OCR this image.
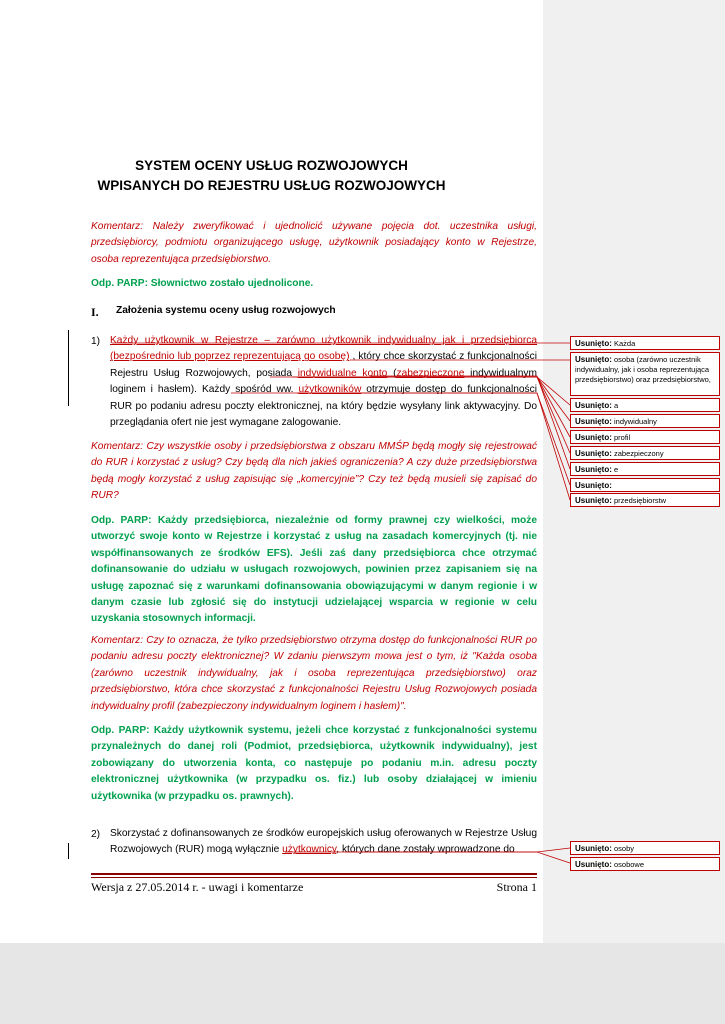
SYSTEM OCENY USŁUG ROZWOJOWYCH
WPISANYCH DO REJESTRU USŁUG ROZWOJOWYCH

Komentarz: Należy zweryfikować i ujednolicić używane pojęcia dot. uczestnika usługi, przedsiębiorcy, podmiotu organizującego usługę, użytkownik posiadający konto w Rejestrze, osoba reprezentująca przedsiębiorstwo.

Odp. PARP: Słownictwo zostało ujednolicone.

I. Założenia systemu oceny usług rozwojowych
1) Każdy użytkownik w Rejestrze – zarówno użytkownik indywidualny jak i przedsiębiorca (bezpośrednio lub poprzez reprezentującą go osobę) , który chce skorzystać z funkcjonalności Rejestru Usług Rozwojowych, posiada indywidualne konto (zabezpieczone indywidualnym loginem i hasłem). Każdy spośród ww. użytkowników otrzymuje dostęp do funkcjonalności RUR po podaniu adresu poczty elektronicznej, na który będzie wysyłany link aktywacyjny. Do przeglądania ofert nie jest wymagane zalogowanie.

Komentarz: Czy wszystkie osoby i przedsiębiorstwa z obszaru MMŚP będą mogły się rejestrować do RUR i korzystać z usług? Czy będą dla nich jakieś ograniczenia? A czy duże przedsiębiorstwa będą mogły korzystać z usług zapisując się „komercyjnie”? Czy też będą musieli się zapisać do RUR?

Odp. PARP: Każdy przedsiębiorca, niezależnie od formy prawnej czy wielkości, może utworzyć swoje konto w Rejestrze i korzystać z usług na zasadach komercyjnych (tj. nie współfinansowanych ze środków EFS). Jeśli zaś dany przedsiębiorca chce otrzymać dofinansowanie do udziału w usługach rozwojowych, powinien przez zapisaniem się na usługę zapoznać się z warunkami dofinansowania obowiązującymi w danym regionie i w danym czasie lub zgłosić się do instytucji udzielającej wsparcia w regionie w celu uzyskania stosownych informacji.

Komentarz: Czy to oznacza, że tylko przedsiębiorstwo otrzyma dostęp do funkcjonalności RUR po podaniu adresu poczty elektronicznej? W zdaniu pierwszym mowa jest o tym, iż "Każda osoba (zarówno uczestnik indywidualny, jak i osoba reprezentująca przedsiębiorstwo) oraz przedsiębiorstwo, która chce skorzystać z funkcjonalności Rejestru Usług Rozwojowych posiada indywidualny profil (zabezpieczony indywidualnym loginem i hasłem)".

Odp. PARP: Każdy użytkownik systemu, jeżeli chce korzystać z funkcjonalności systemu przynależnych do danej roli (Podmiot, przedsiębiorca, użytkownik indywidualny), jest zobowiązany do utworzenia konta, co następuje po podaniu m.in. adresu poczty elektronicznej użytkownika (w przypadku os. fiz.) lub osoby działającej w imieniu użytkownika (w przypadku os. prawnych).

2) Skorzystać z dofinansowanych ze środków europejskich usług oferowanych w Rejestrze Usług Rozwojowych (RUR) mogą wyłącznie użytkownicy, których dane zostały wprowadzone do

Wersja z 27.05.2014 r. - uwagi i komentarze	Strona 1
Usunięto: Każda
Usunięto: osoba (zarówno uczestnik indywidualny, jak i osoba reprezentująca przedsiębiorstwo) oraz przedsiębiorstwo,
Usunięto: a
Usunięto: indywidualny
Usunięto: profil
Usunięto: zabezpieczony
Usunięto: e
Usunięto:
Usunięto: przedsiębiorstw
Usunięto: osoby
Usunięto: osobowe
